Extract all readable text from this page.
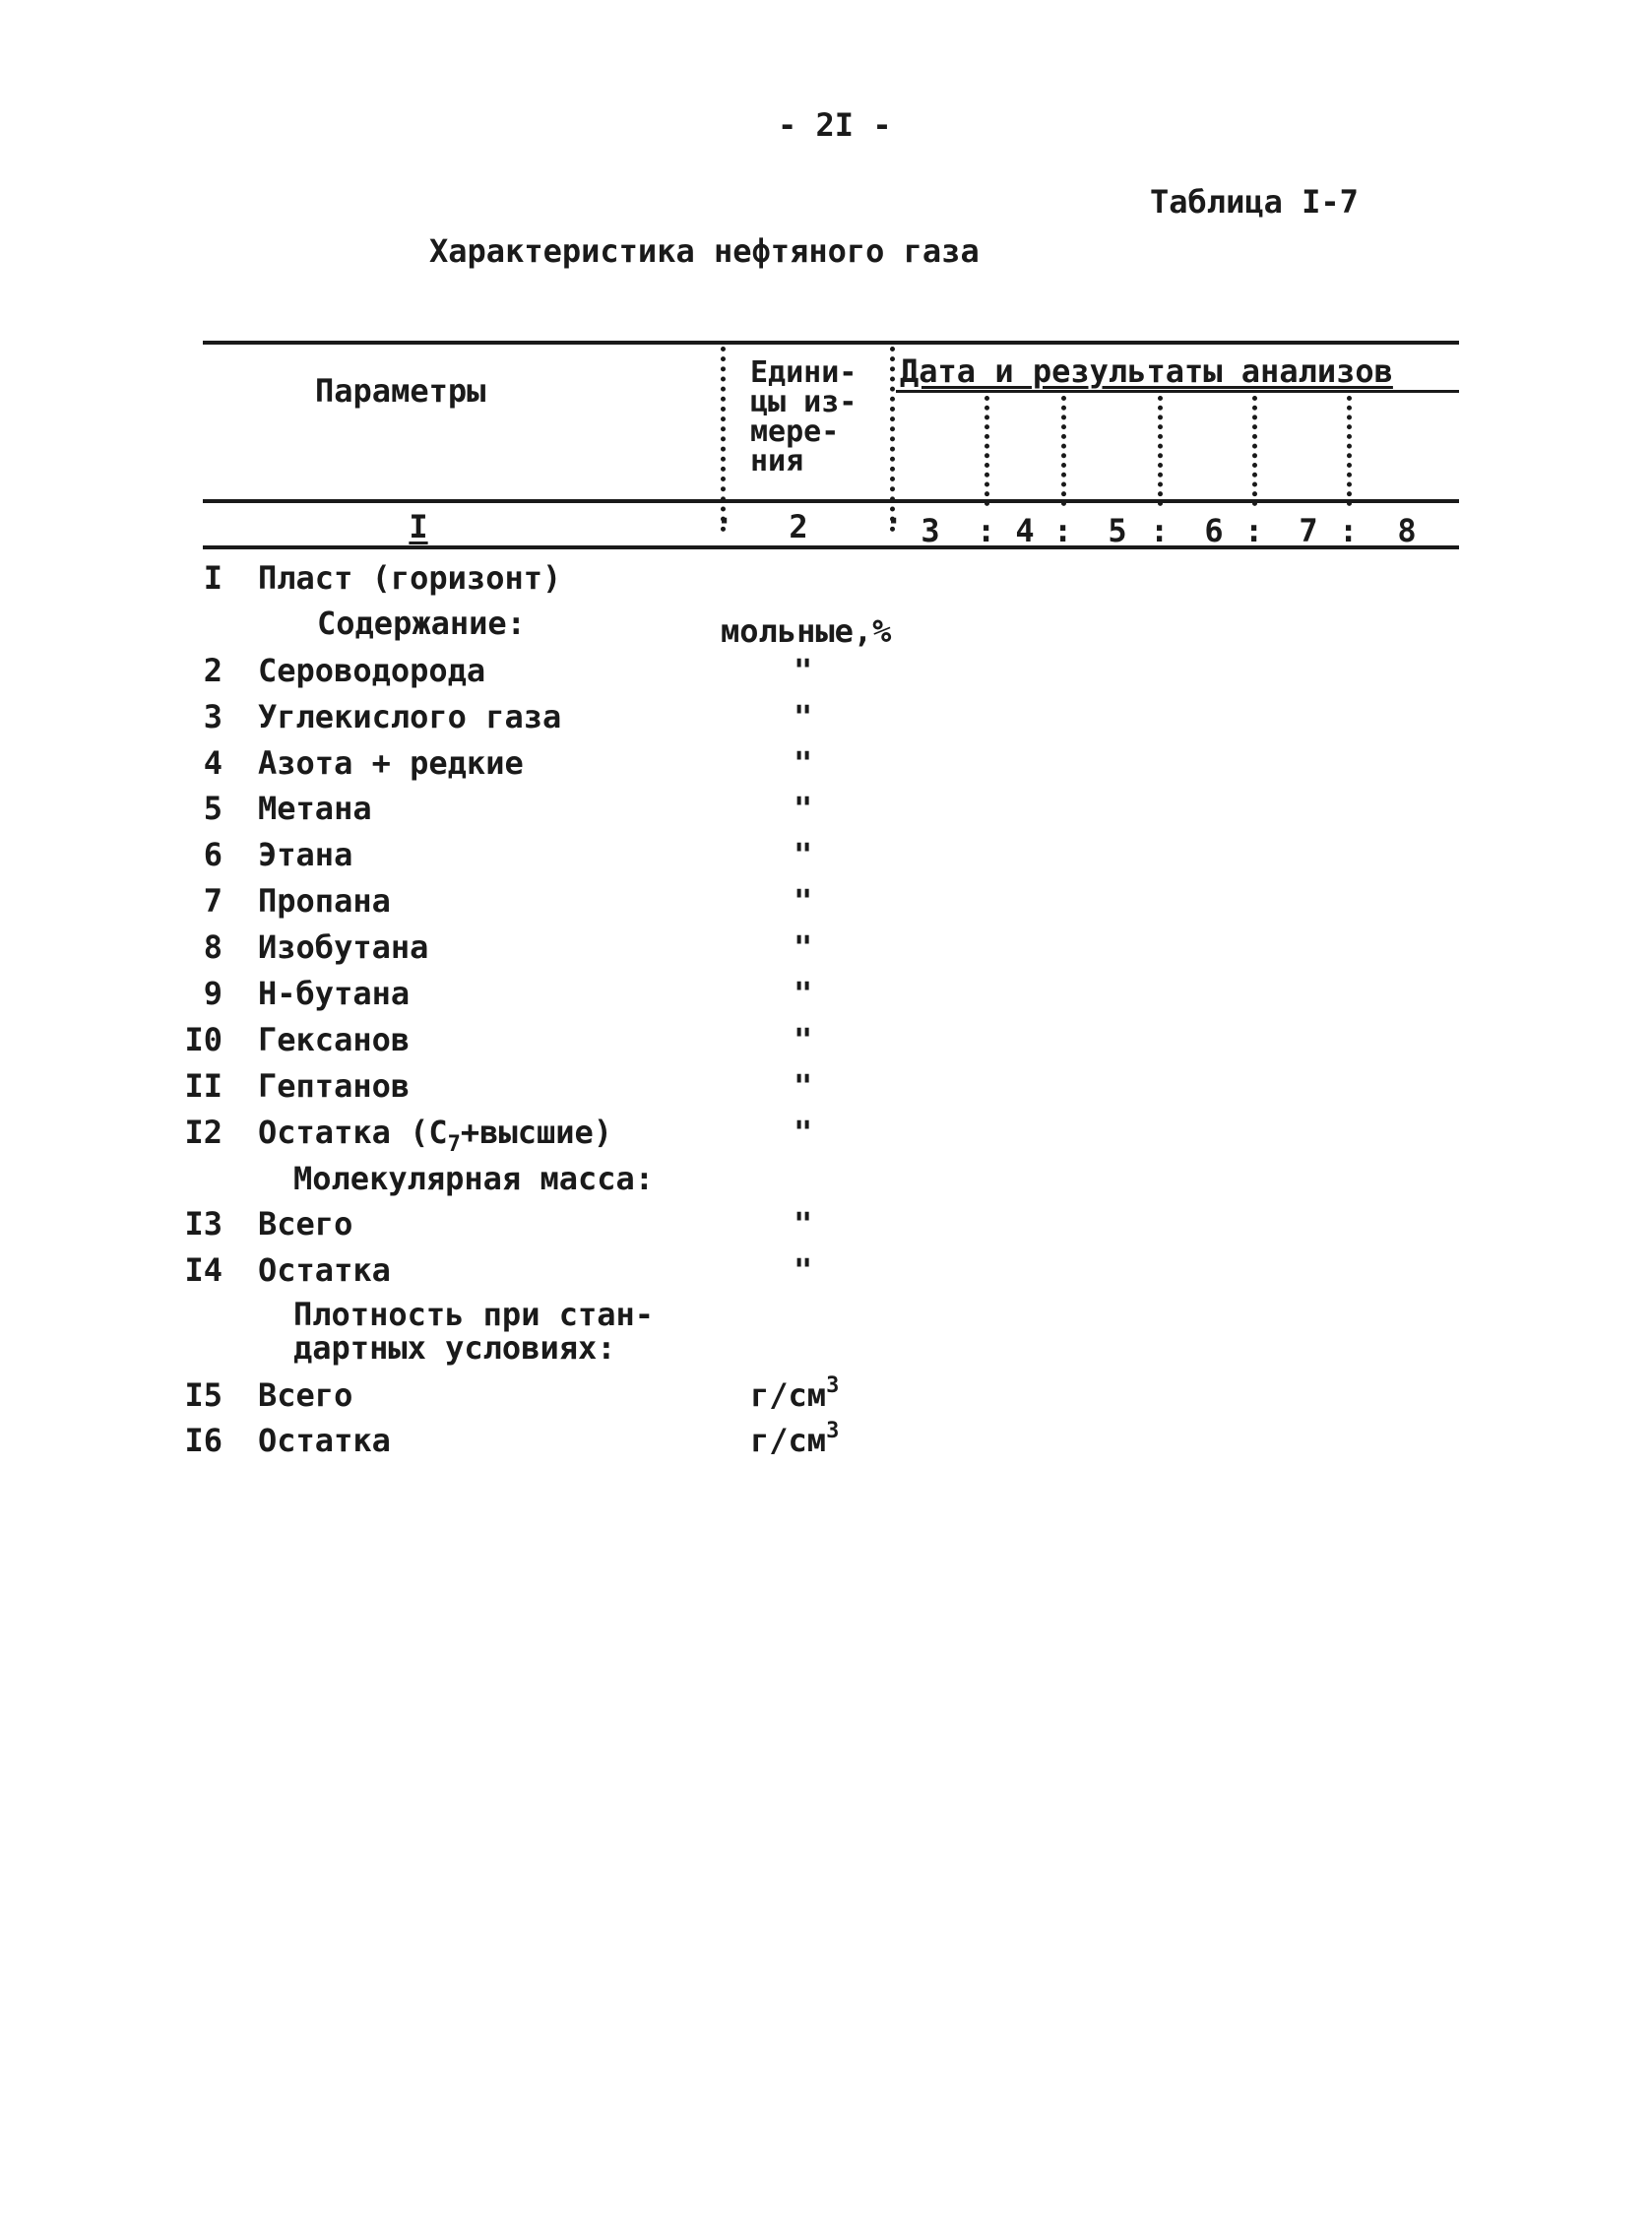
- 2I -
Таблица I-7
Характеристика нефтяного газа
Параметры	Едини-
цы из-
мере-
ния
Дата и результаты анализов
I	2	3	4	5	6	7	8
·	· : : : : :
I Пласт (горизонт)
Содержание:	мольные,%
2 Сероводорода	"
3 Углекислого газа	"
4 Азота + редкие	"
5 Метана	"
6 Этана	"
7 Пропана	"
8 Изобутана	"
9 Н-бутана	"
I0 Гексанов	"
II Гептанов	"
I2 Остатка $(С_7+высшие)$	"
Молекулярная масса:
I3 Всего	"
I4 Остатка	"
Плотность при стан-
дартных условиях:
I5 Всего	$г/см^3$
I6 Остатка	$г/см^3$
